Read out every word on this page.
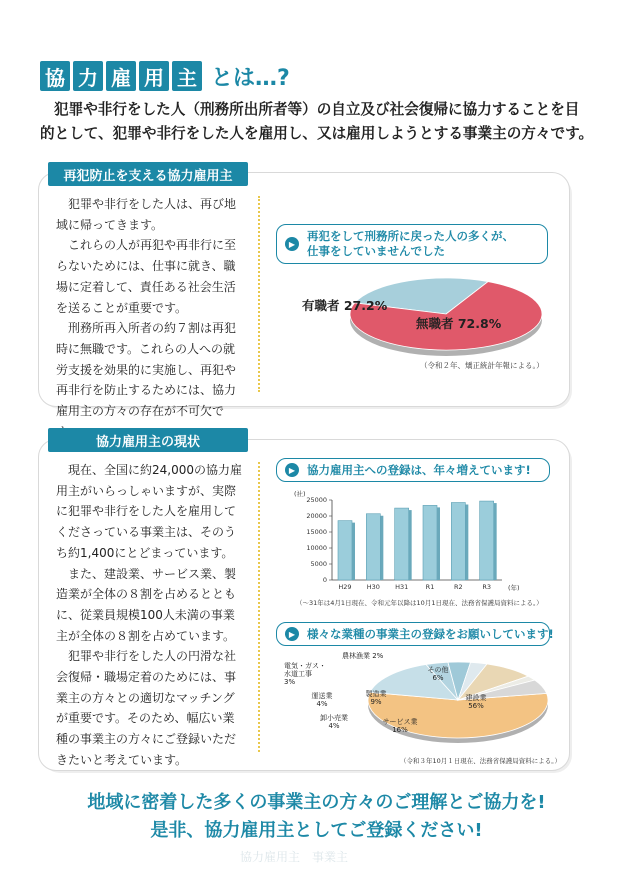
協 力 雇 用 主 とは…?
犯罪や非行をした人（刑務所出所者等）の自立及び社会復帰に協力することを目
的として、犯罪や非行をした人を雇用し、又は雇用しようとする事業主の方々です。
再犯防止を支える協力雇用主

犯罪や非行をした人は、再び地域に帰ってきます。

これらの人が再犯や再非行に至らないためには、仕事に就き、職場に定着して、責任ある社会生活を送ることが重要です。

刑務所再入所者の約７割は再犯時に無職です。これらの人への就労支援を効果的に実施し、再犯や再非行を防止するためには、協力雇用主の方々の存在が不可欠で

▶
再犯をして刑務所に戻った人の多くが、
仕事をしていませんでした
有職者 27.2%
無職者 72.8%
（令和２年、矯正統計年報による。）
協力雇用主の現状

現在、全国に約24,000の協力雇用主がいらっしゃいますが、実際に犯罪や非行をした人を雇用してくださっている事業主は、そのうち約1,400にとどまっています。

また、建設業、サービス業、製造業が全体の８割を占めるとともに、従業員規模100人未満の事業主が全体の８割を占めています。

犯罪や非行をした人の円滑な社会復帰・職場定着のためには、事業主の方々との適切なマッチングが重要です。そのため、幅広い業種の事業主の方々にご登録いただきたいと考えています。

▶	協力雇用主への登録は、年々増えています!
(社)
(年)
0
5000
10000
15000
20000
25000
H29 H30 H31	R1	R2	R3
（～31年は4月1日現在、令和元年以降は10月1日現在、法務省保護局資料による。）
▶	様々な業種の事業主の登録をお願いしています!
建設業 56%
サービス業 16%
卸小売業 4%
運送業 4%
電気・ガス・水道工事 3%
製造業 9%
農林漁業 2%
その他 6%
（令和３年10月１日現在、法務省保護局資料による。）
地域に密着した多くの事業主の方々のご理解とご協力を!
是非、協力雇用主としてご登録ください!
協力雇用主　事業主
